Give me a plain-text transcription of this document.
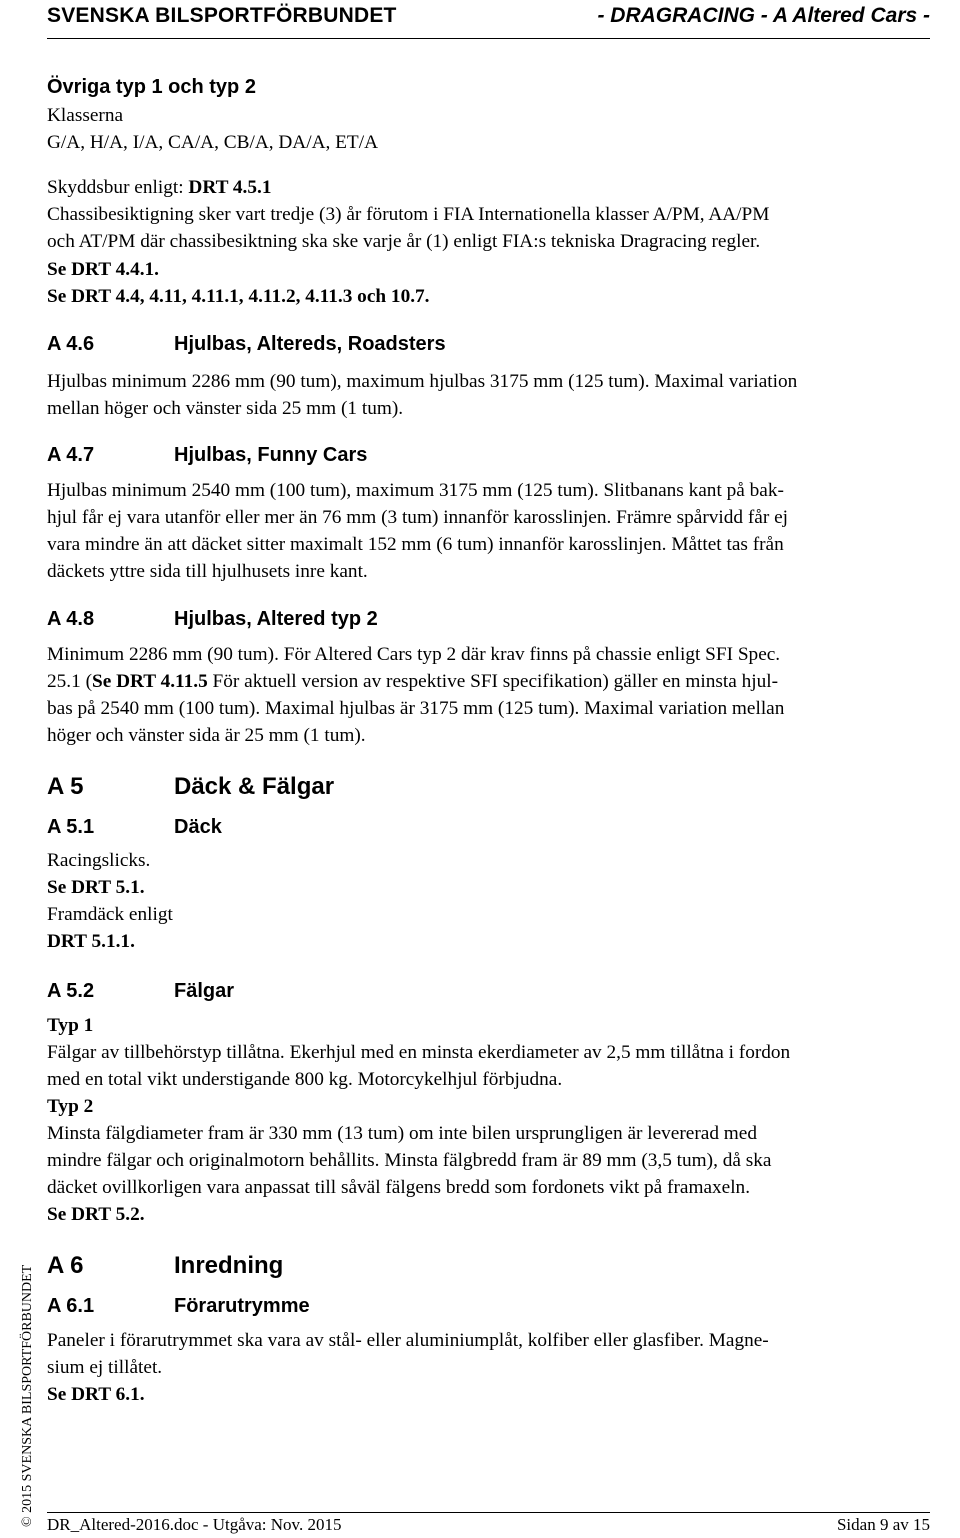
SVENSKA BILSPORTFÖRBUNDET	- DRAGRACING - A Altered Cars -
Övriga typ 1 och typ 2
Klasserna
G/A, H/A, I/A, CA/A, CB/A, DA/A, ET/A
Skyddsbur enligt: DRT 4.5.1
Chassibesiktigning sker vart tredje (3) år förutom i FIA Internationella klasser A/PM, AA/PM
och AT/PM där chassibesiktning ska ske varje år (1) enligt FIA:s tekniska Dragracing regler.
Se DRT 4.4.1.
Se DRT 4.4, 4.11, 4.11.1, 4.11.2, 4.11.3 och 10.7.
A 4.6	Hjulbas, Altereds, Roadsters
Hjulbas minimum 2286 mm (90 tum), maximum hjulbas 3175 mm (125 tum). Maximal variation
mellan höger och vänster sida 25 mm (1 tum).
A 4.7	Hjulbas, Funny Cars
Hjulbas minimum 2540 mm (100 tum), maximum 3175 mm (125 tum). Slitbanans kant på bak-
hjul får ej vara utanför eller mer än 76 mm (3 tum) innanför karosslinjen. Främre spårvidd får ej
vara mindre än att däcket sitter maximalt 152 mm (6 tum) innanför karosslinjen. Måttet tas från
däckets yttre sida till hjulhusets inre kant.
A 4.8	Hjulbas, Altered typ 2
Minimum 2286 mm (90 tum). För Altered Cars typ 2 där krav finns på chassie enligt SFI Spec.
25.1 (Se DRT 4.11.5 För aktuell version av respektive SFI specifikation) gäller en minsta hjul-
bas på 2540 mm (100 tum). Maximal hjulbas är 3175 mm (125 tum). Maximal variation mellan
höger och vänster sida är 25 mm (1 tum).
A 5	Däck & Fälgar
A 5.1	Däck
Racingslicks.
Se DRT 5.1.
Framdäck enligt
DRT 5.1.1.
A 5.2	Fälgar
Typ 1
Fälgar av tillbehörstyp tillåtna. Ekerhjul med en minsta ekerdiameter av 2,5 mm tillåtna i fordon
med en total vikt understigande 800 kg. Motorcykelhjul förbjudna.
Typ 2
Minsta fälgdiameter fram är 330 mm (13 tum) om inte bilen ursprungligen är levererad med
mindre fälgar och originalmotorn behållits. Minsta fälgbredd fram är 89 mm (3,5 tum), då ska
däcket ovillkorligen vara anpassat till såväl fälgens bredd som fordonets vikt på framaxeln.
Se DRT 5.2.
A 6	Inredning
A 6.1	Förarutrymme
Paneler i förarutrymmet ska vara av stål- eller aluminiumplåt, kolfiber eller glasfiber. Magne-
sium ej tillåtet.
Se DRT 6.1.
© 2015 SVENSKA BILSPORTFÖRBUNDET DR_Altered-2016.doc - Utgåva: Nov. 2015	Sidan 9 av 15
